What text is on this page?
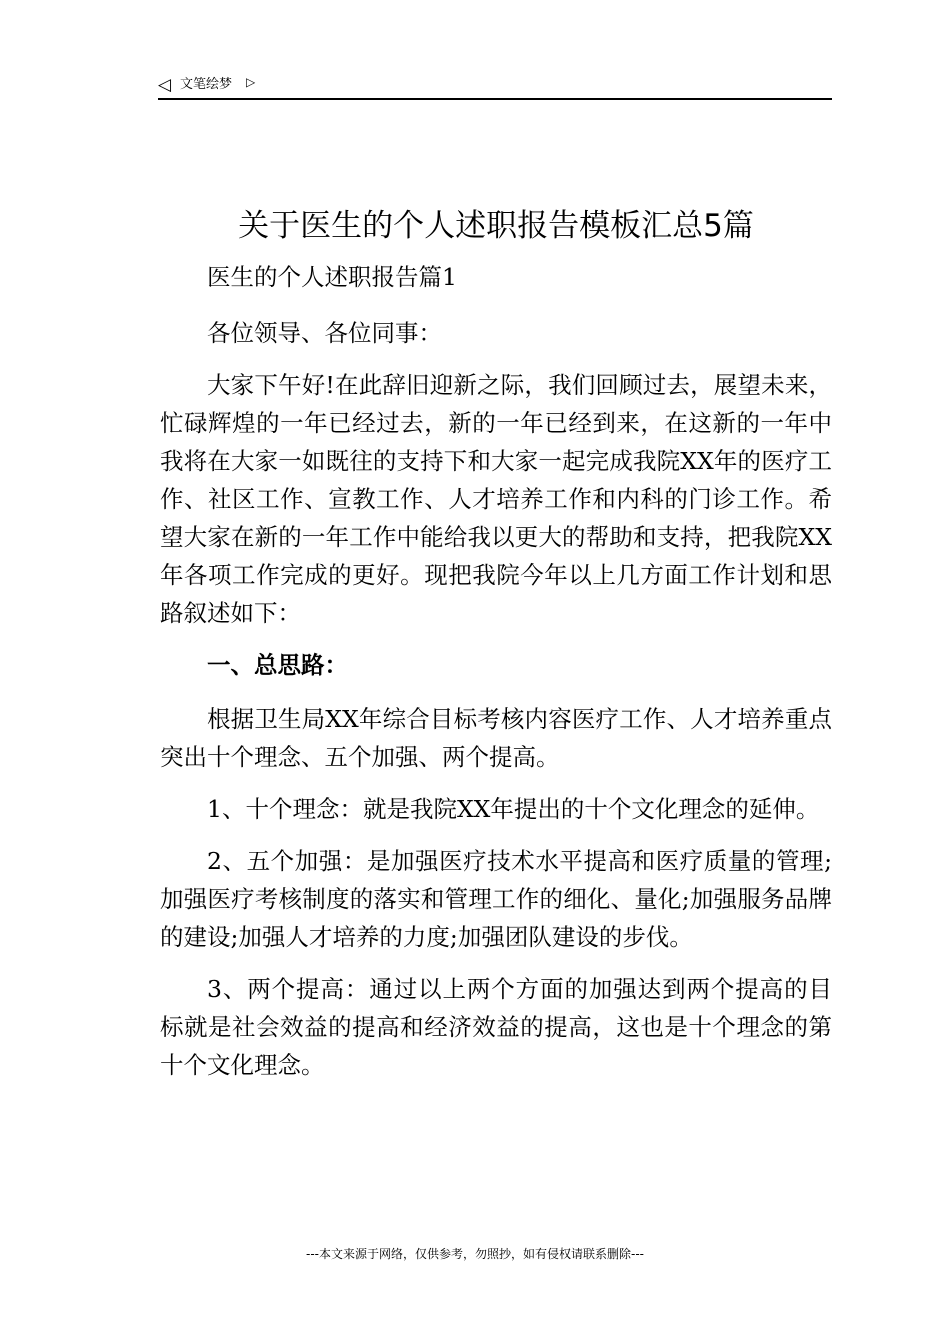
◁ 文笔绘梦 ▷
关于医生的个人述职报告模板汇总5篇

医生的个人述职报告篇1

各位领导、各位同事：

大家下午好!在此辞旧迎新之际，我们回顾过去，展望未来，忙碌辉煌的一年已经过去，新的一年已经到来，在这新的一年中我将在大家一如既往的支持下和大家一起完成我院XX年的医疗工作、社区工作、宣教工作、人才培养工作和内科的门诊工作。希望大家在新的一年工作中能给我以更大的帮助和支持，把我院XX年各项工作完成的更好。现把我院今年以上几方面工作计划和思路叙述如下：

一、总思路：

根据卫生局XX年综合目标考核内容医疗工作、人才培养重点突出十个理念、五个加强、两个提高。

1、十个理念：就是我院XX年提出的十个文化理念的延伸。

2、五个加强：是加强医疗技术水平提高和医疗质量的管理;加强医疗考核制度的落实和管理工作的细化、量化;加强服务品牌的建设;加强人才培养的力度;加强团队建设的步伐。

3、两个提高：通过以上两个方面的加强达到两个提高的目标就是社会效益的提高和经济效益的提高，这也是十个理念的第十个文化理念。

---本文来源于网络，仅供参考，勿照抄，如有侵权请联系删除---
